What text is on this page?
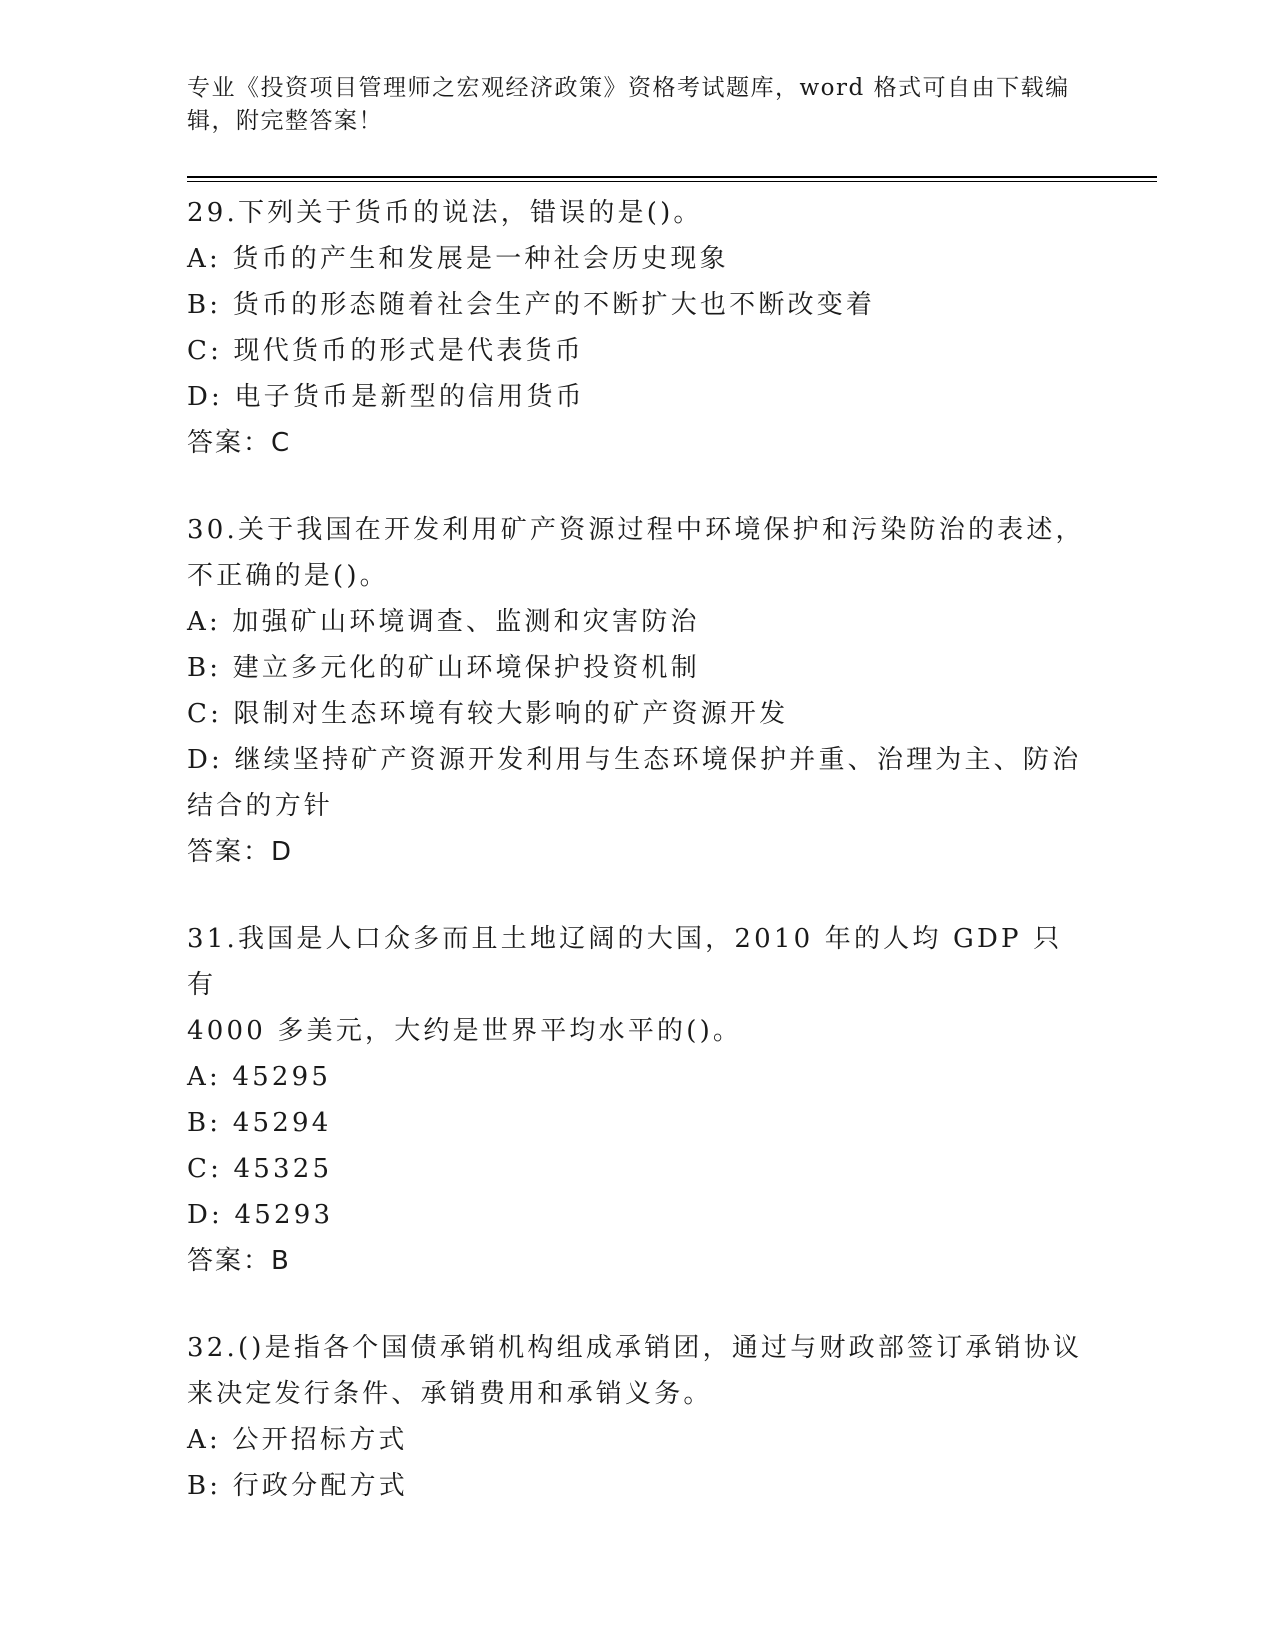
专业《投资项目管理师之宏观经济政策》资格考试题库，word 格式可自由下载编
辑，附完整答案！
29.下列关于货币的说法，错误的是()。
A: 货币的产生和发展是一种社会历史现象
B: 货币的形态随着社会生产的不断扩大也不断改变着
C: 现代货币的形式是代表货币
D: 电子货币是新型的信用货币
答案：C
30.关于我国在开发利用矿产资源过程中环境保护和污染防治的表述，
不正确的是()。
A: 加强矿山环境调查、监测和灾害防治
B: 建立多元化的矿山环境保护投资机制
C: 限制对生态环境有较大影响的矿产资源开发
D: 继续坚持矿产资源开发利用与生态环境保护并重、治理为主、防治
结合的方针
答案：D
31.我国是人口众多而且土地辽阔的大国，2010 年的人均 GDP 只有
4000 多美元，大约是世界平均水平的()。
A: 45295
B: 45294
C: 45325
D: 45293
答案：B
32.()是指各个国债承销机构组成承销团，通过与财政部签订承销协议
来决定发行条件、承销费用和承销义务。
A: 公开招标方式
B: 行政分配方式
